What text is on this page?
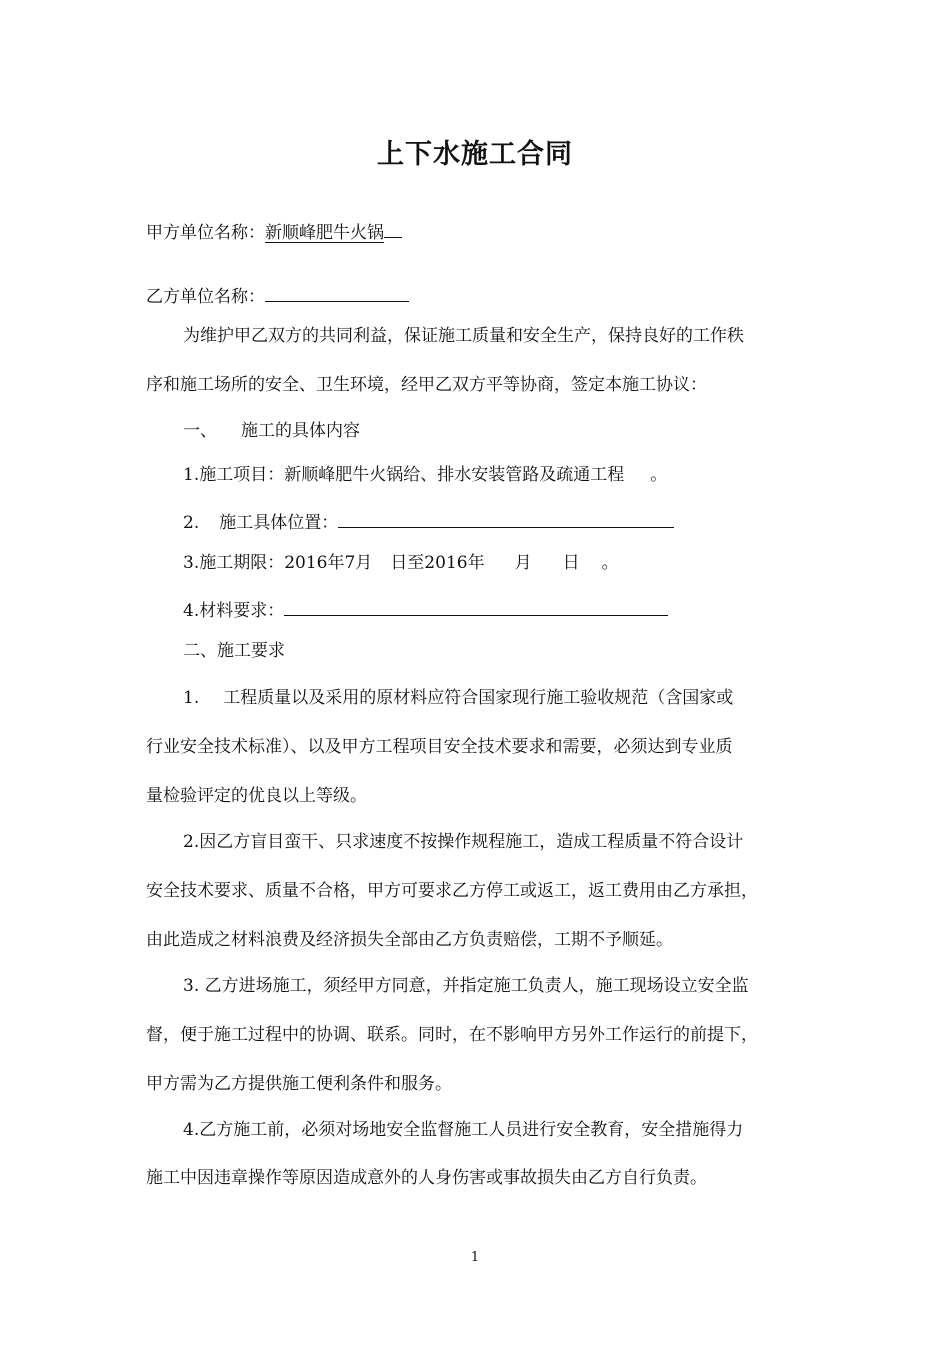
上下水施工合同
甲方单位名称：新顺峰肥牛火锅
乙方单位名称：
为维护甲乙双方的共同利益，保证施工质量和安全生产，保持良好的工作秩
序和施工场所的安全、卫生环境，经甲乙双方平等协商，签定本施工协议：
一、 施工的具体内容
1.施工项目：新顺峰肥牛火锅给、排水安装管路及疏通工程 。
2. 施工具体位置：
3.施工期限：2016年7月 日至2016年 月 日 。
4.材料要求：
二、施工要求
1. 工程质量以及采用的原材料应符合国家现行施工验收规范（含国家或
行业安全技术标准）、以及甲方工程项目安全技术要求和需要，必须达到专业质
量检验评定的优良以上等级。
2.因乙方盲目蛮干、只求速度不按操作规程施工，造成工程质量不符合设计
安全技术要求、质量不合格，甲方可要求乙方停工或返工，返工费用由乙方承担，
由此造成之材料浪费及经济损失全部由乙方负责赔偿，工期不予顺延。
3. 乙方进场施工，须经甲方同意，并指定施工负责人，施工现场设立安全监
督，便于施工过程中的协调、联系。同时，在不影响甲方另外工作运行的前提下，
甲方需为乙方提供施工便利条件和服务。
4.乙方施工前，必须对场地安全监督施工人员进行安全教育，安全措施得力
施工中因违章操作等原因造成意外的人身伤害或事故损失由乙方自行负责。
1
